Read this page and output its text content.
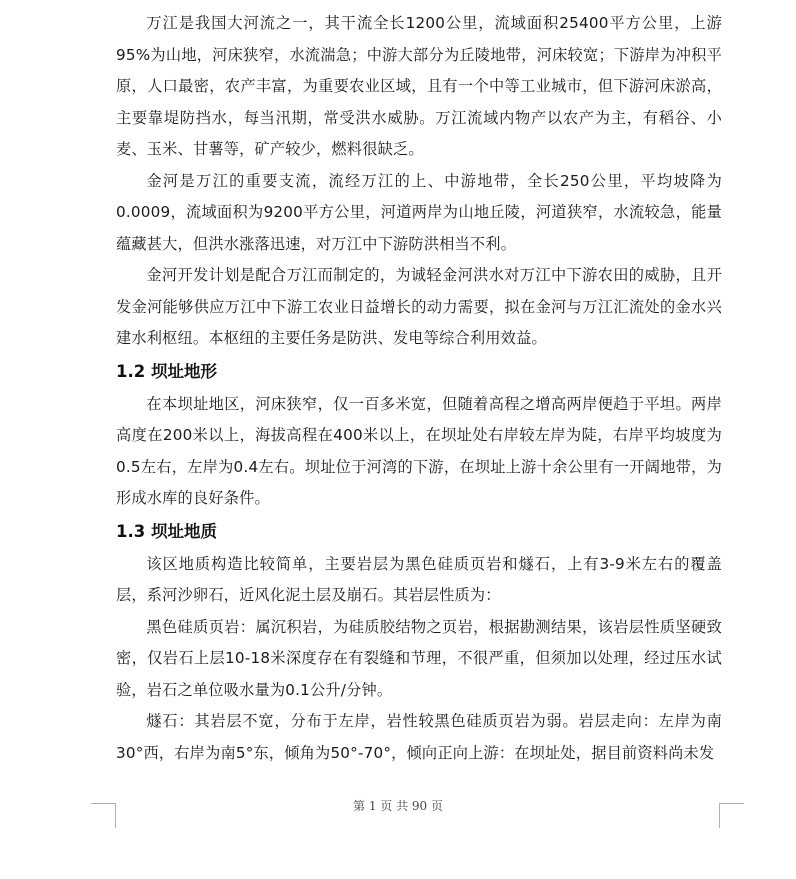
万江是我国大河流之一，其干流全长1200公里，流域面积25400平方公里，上游95%为山地，河床狭窄，水流湍急；中游大部分为丘陵地带，河床较宽；下游岸为冲积平原，人口最密，农产丰富，为重要农业区域，且有一个中等工业城市，但下游河床淤高，主要靠堤防挡水，每当汛期，常受洪水威胁。万江流域内物产以农产为主，有稻谷、小麦、玉米、甘薯等，矿产较少，燃料很缺乏。

金河是万江的重要支流，流经万江的上、中游地带，全长250公里，平均坡降为0.0009，流域面积为9200平方公里，河道两岸为山地丘陵，河道狭窄，水流较急，能量蕴藏甚大，但洪水涨落迅速，对万江中下游防洪相当不利。

金河开发计划是配合万江而制定的，为诚轻金河洪水对万江中下游农田的威胁，且开发金河能够供应万江中下游工农业日益增长的动力需要，拟在金河与万江汇流处的金水兴建水利枢纽。本枢纽的主要任务是防洪、发电等综合利用效益。

1.2 坝址地形

在本坝址地区，河床狭窄，仅一百多米宽，但随着高程之增高两岸便趋于平坦。两岸高度在200米以上，海拔高程在400米以上，在坝址处右岸较左岸为陡，右岸平均坡度为0.5左右，左岸为0.4左右。坝址位于河湾的下游，在坝址上游十余公里有一开阔地带，为形成水库的良好条件。

1.3 坝址地质

该区地质构造比较简单，主要岩层为黑色硅质页岩和燧石，上有3-9米左右的覆盖层，系河沙卵石，近风化泥土层及崩石。其岩层性质为：

黑色硅质页岩：属沉积岩，为硅质胶结物之页岩，根据勘测结果，该岩层性质坚硬致密，仅岩石上层10-18米深度存在有裂缝和节理，不很严重，但须加以处理，经过压水试验，岩石之单位吸水量为0.1公升/分钟。

燧石：其岩层不宽，分布于左岸，岩性较黑色硅质页岩为弱。岩层走向：左岸为南30°西，右岸为南5°东，倾角为50°-70°，倾向正向上游：在坝址处，据目前资料尚未发

第 1 页 共 90 页
